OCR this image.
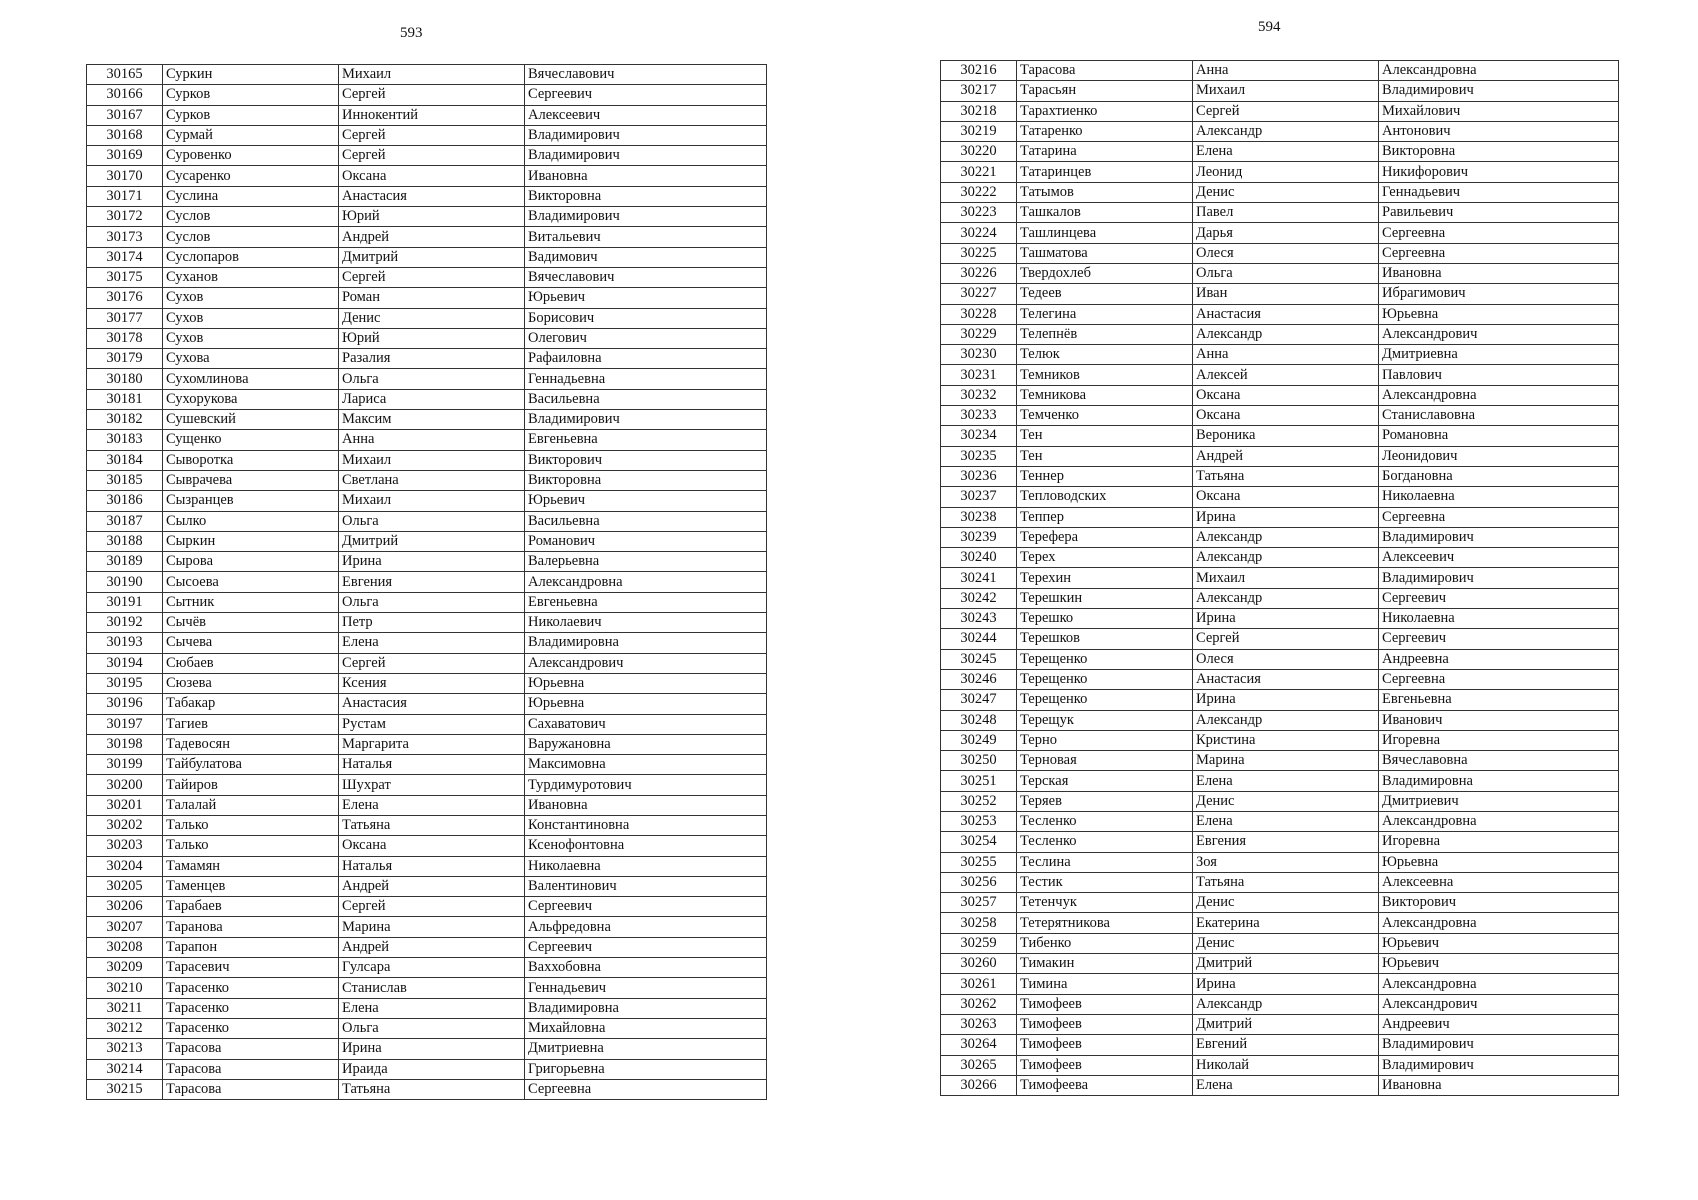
593	594
30165	Суркин	Михаил	Вячеславович
30166	Сурков	Сергей	Сергеевич
30167	Сурков	Иннокентий	Алексеевич
30168	Сурмай	Сергей	Владимирович
30169	Суровенко	Сергей	Владимирович
30170	Сусаренко	Оксана	Ивановна
30171	Суслина	Анастасия	Викторовна
30172	Суслов	Юрий	Владимирович
30173	Суслов	Андрей	Витальевич
30174	Суслопаров	Дмитрий	Вадимович
30175	Суханов	Сергей	Вячеславович
30176	Сухов	Роман	Юрьевич
30177	Сухов	Денис	Борисович
30178	Сухов	Юрий	Олегович
30179	Сухова	Разалия	Рафаиловна
30180	Сухомлинова	Ольга	Геннадьевна
30181	Сухорукова	Лариса	Васильевна
30182	Сушевский	Максим	Владимирович
30183	Сущенко	Анна	Евгеньевна
30184	Сыворотка	Михаил	Викторович
30185	Сывpачева	Светлана	Викторовна
30186	Сызранцев	Михаил	Юрьевич
30187	Сылко	Ольга	Васильевна
30188	Сыркин	Дмитрий	Романович
30189	Сырова	Ирина	Валерьевна
30190	Сысоева	Евгения	Александровна
30191	Сытник	Ольга	Евгеньевна
30192	Сычёв	Петр	Николаевич
30193	Сычева	Елена	Владимировна
30194	Сюбаев	Сергей	Александрович
30195	Сюзева	Ксения	Юрьевна
30196	Табакар	Анастасия	Юрьевна
30197	Тагиев	Рустам	Сахаватович
30198	Тадевосян	Маргарита	Варужановна
30199	Тайбулатова	Наталья	Максимовна
30200	Тайиров	Шухрат	Турдимуротович
30201	Талалай	Елена	Ивановна
30202	Талько	Татьяна	Константиновна
30203	Талько	Оксана	Ксенофонтовна
30204	Тамамян	Наталья	Николаевна
30205	Таменцев	Андрей	Валентинович
30206	Тарабаев	Сергей	Сергеевич
30207	Таранова	Марина	Альфредовна
30208	Тарапон	Андрей	Сергеевич
30209	Тарасевич	Гулсара	Ваххобовна
30210	Тарасенко	Станислав	Геннадьевич
30211	Тарасенко	Елена	Владимировна
30212	Тарасенко	Ольга	Михайловна
30213	Тарасова	Ирина	Дмитриевна
30214	Тарасова	Ираида	Григорьевна
30215	Тарасова	Татьяна	Сергеевна
30216	Тарасова	Анна	Александровна
30217	Тарасьян	Михаил	Владимирович
30218	Тарахтиенко	Сергей	Михайлович
30219	Татаренко	Александр	Антонович
30220	Татарина	Елена	Викторовна
30221	Татаринцев	Леонид	Никифорович
30222	Татымов	Денис	Геннадьевич
30223	Ташкалов	Павел	Равильевич
30224	Ташлинцева	Дарья	Сергеевна
30225	Ташматова	Олеся	Сергеевна
30226	Твердохлеб	Ольга	Ивановна
30227	Тедеев	Иван	Ибрагимович
30228	Телегина	Анастасия	Юрьевна
30229	Телепнёв	Александр	Александрович
30230	Телюк	Анна	Дмитриевна
30231	Темников	Алексей	Павлович
30232	Темникова	Оксана	Александровна
30233	Темченко	Оксана	Станиславовна
30234	Тен	Вероника	Романовна
30235	Тен	Андрей	Леонидович
30236	Теннер	Татьяна	Богдановна
30237	Тепловодских	Оксана	Николаевна
30238	Теппер	Ирина	Сергеевна
30239	Терефера	Александр	Владимирович
30240	Терех	Александр	Алексеевич
30241	Терехин	Михаил	Владимирович
30242	Терешкин	Александр	Сергеевич
30243	Терешко	Ирина	Николаевна
30244	Терешков	Сергей	Сергеевич
30245	Терещенко	Олеся	Андреевна
30246	Терещенко	Анастасия	Сергеевна
30247	Терещенко	Ирина	Евгеньевна
30248	Терещук	Александр	Иванович
30249	Терно	Кристина	Игоревна
30250	Терновая	Марина	Вячеславовна
30251	Терская	Елена	Владимировна
30252	Теряев	Денис	Дмитриевич
30253	Тесленко	Елена	Александровна
30254	Тесленко	Евгения	Игоревна
30255	Теслина	Зоя	Юрьевна
30256	Тестик	Татьяна	Алексеевна
30257	Тетенчук	Денис	Викторович
30258	Тетерятникова	Екатерина	Александровна
30259	Тибенко	Денис	Юрьевич
30260	Тимакин	Дмитрий	Юрьевич
30261	Тимина	Ирина	Александровна
30262	Тимофеев	Александр	Александрович
30263	Тимофеев	Дмитрий	Андреевич
30264	Тимофеев	Евгений	Владимирович
30265	Тимофеев	Николай	Владимирович
30266	Тимофеева	Елена	Ивановна
